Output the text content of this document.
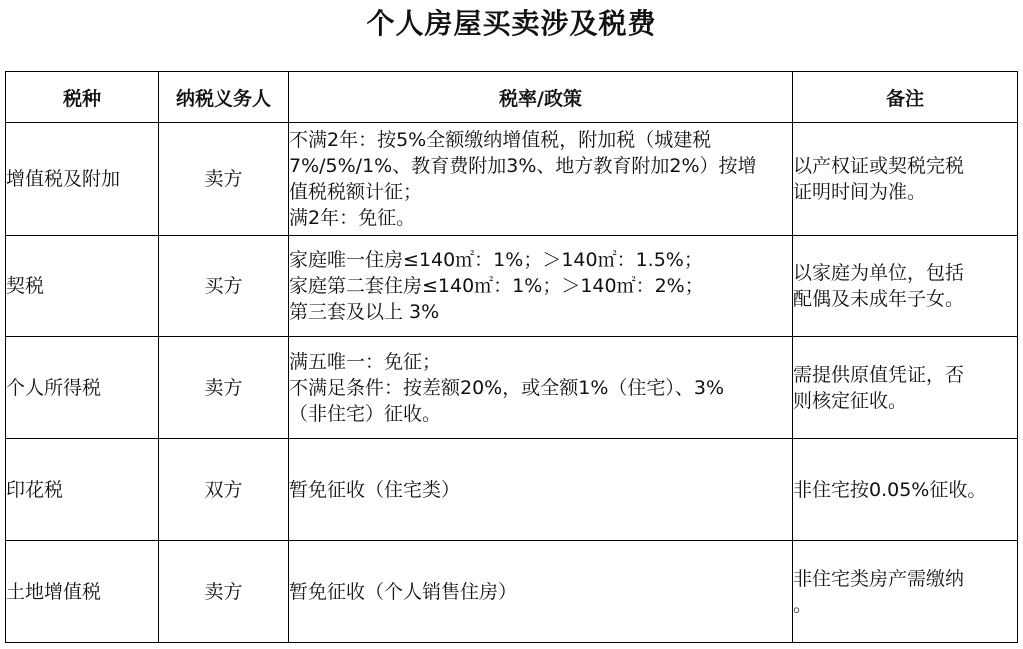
个人房屋买卖涉及税费
税种	纳税义务人	税率/政策	备注
增值税及附加	卖方	不满2年：按5%全额缴纳增值税，附加税（城建税
7%/5%/1%、教育费附加3%、地方教育附加2%）按增
值税税额计征；
满2年：免征。	以产权证或契税完税
证明时间为准。

契税	买方	家庭唯一住房≤140㎡：1%；＞140㎡：1.5%；
家庭第二套住房≤140㎡：1%；＞140㎡：2%；
第三套及以上 3%	以家庭为单位，包括
配偶及未成年子女。

个人所得税	卖方	满五唯一：免征；
不满足条件：按差额20%，或全额1%（住宅）、3%
（非住宅）征收。	需提供原值凭证，否
则核定征收。

印花税	双方	暂免征收（住宅类）	非住宅按0.05%征收。

土地增值税	卖方	暂免征收（个人销售住房）	非住宅类房产需缴纳
。
